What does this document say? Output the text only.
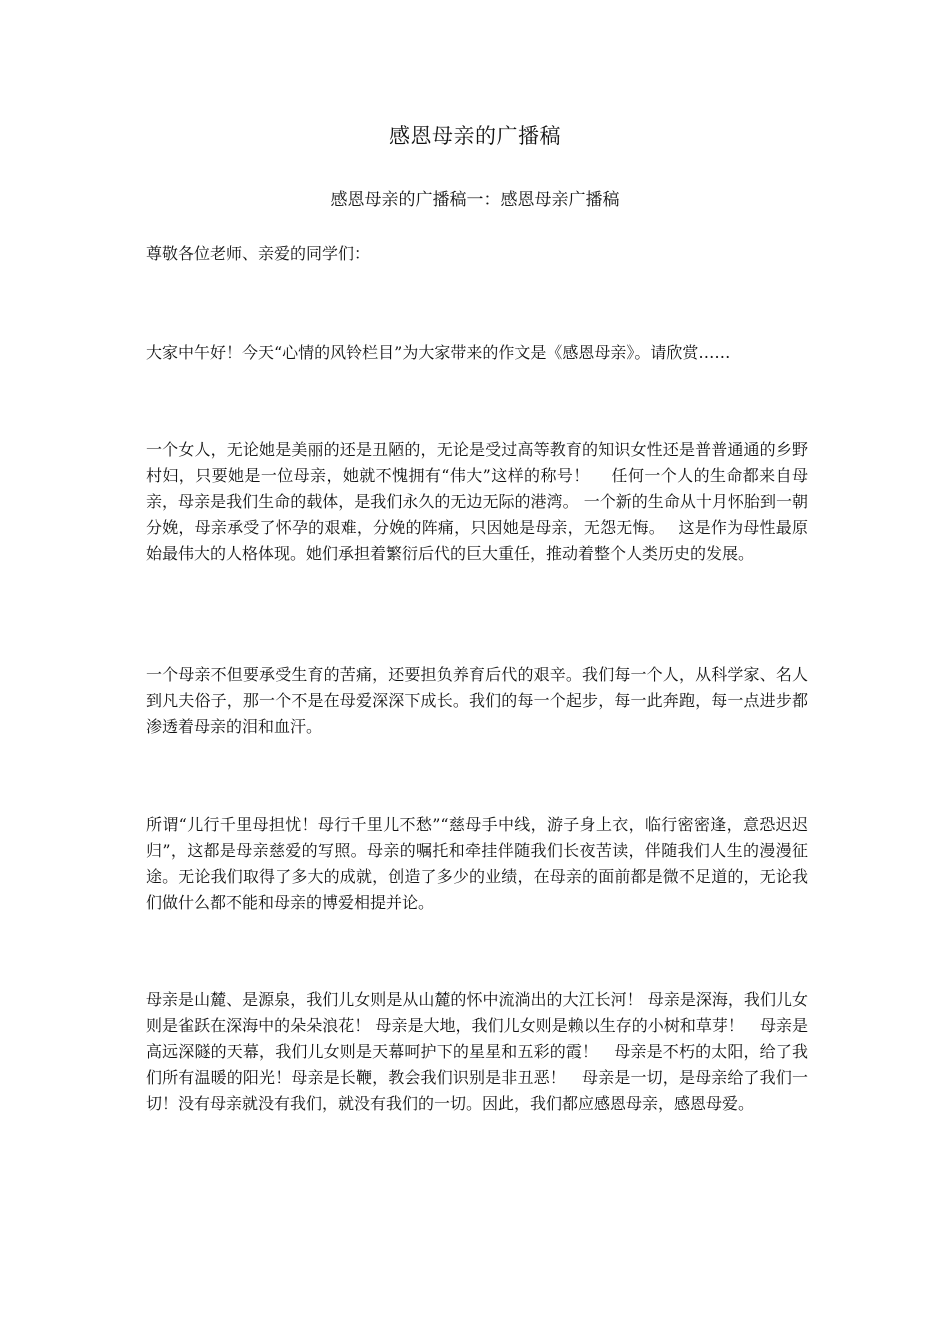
感恩母亲的广播稿
感恩母亲的广播稿一：感恩母亲广播稿

尊敬各位老师、亲爱的同学们：

大家中午好！今天“心情的风铃栏目”为大家带来的作文是《感恩母亲》。请欣赏……

一个女人，无论她是美丽的还是丑陋的，无论是受过高等教育的知识女性还是普普通通的乡野村妇，只要她是一位母亲，她就不愧拥有“伟大”这样的称号！　 任何一个人的生命都来自母亲，母亲是我们生命的载体，是我们永久的无边无际的港湾。 一个新的生命从十月怀胎到一朝分娩，母亲承受了怀孕的艰难，分娩的阵痛，只因她是母亲，无怨无悔。　 这是作为母性最原始最伟大的人格体现。她们承担着繁衍后代的巨大重任，推动着整个人类历史的发展。

一个母亲不但要承受生育的苦痛，还要担负养育后代的艰辛。我们每一个人，从科学家、名人到凡夫俗子，那一个不是在母爱深深下成长。我们的每一个起步，每一此奔跑，每一点进步都渗透着母亲的泪和血汗。

所谓“儿行千里母担忧！母行千里儿不愁”“慈母手中线，游子身上衣，临行密密逢，意恐迟迟归”，这都是母亲慈爱的写照。母亲的嘱托和牵挂伴随我们长夜苦读，伴随我们人生的漫漫征途。无论我们取得了多大的成就，创造了多少的业绩，在母亲的面前都是微不足道的，无论我们做什么都不能和母亲的博爱相提并论。

母亲是山麓、是源泉，我们儿女则是从山麓的怀中流淌出的大江长河！ 母亲是深海，我们儿女则是雀跃在深海中的朵朵浪花！ 母亲是大地，我们儿女则是赖以生存的小树和草芽！　母亲是高远深隧的天幕，我们儿女则是天幕呵护下的星星和五彩的霞！　母亲是不朽的太阳，给了我们所有温暖的阳光！母亲是长鞭，教会我们识别是非丑恶！　母亲是一切，是母亲给了我们一切！没有母亲就没有我们，就没有我们的一切。因此，我们都应感恩母亲，感恩母爱。
